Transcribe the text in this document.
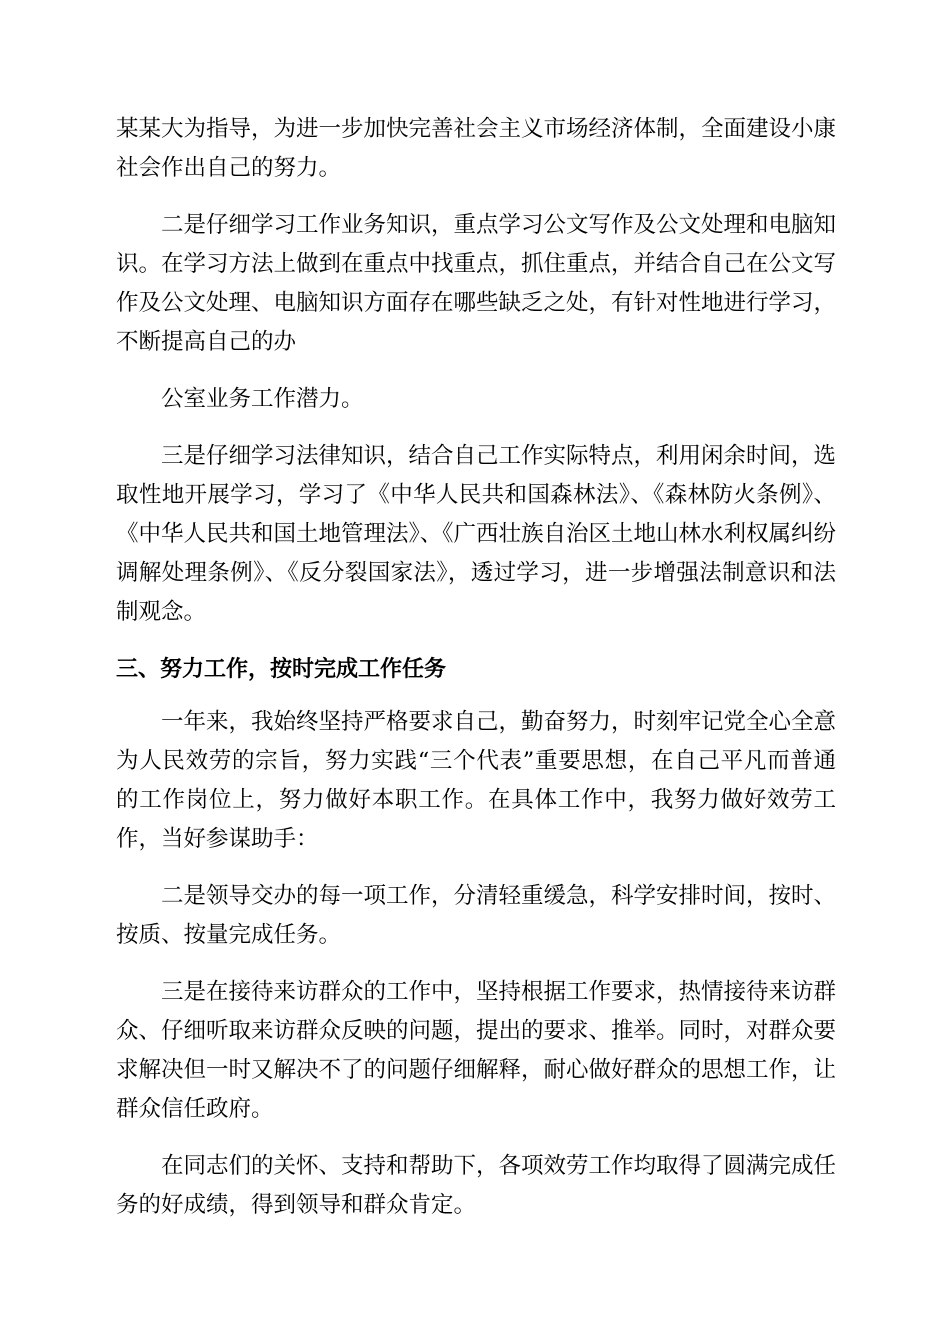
某某大为指导，为进一步加快完善社会主义市场经济体制，全面建设小康社会作出自己的努力。

二是仔细学习工作业务知识，重点学习公文写作及公文处理和电脑知识。在学习方法上做到在重点中找重点，抓住重点，并结合自己在公文写作及公文处理、电脑知识方面存在哪些缺乏之处，有针对性地进行学习，不断提高自己的办

公室业务工作潜力。

三是仔细学习法律知识，结合自己工作实际特点，利用闲余时间，选取性地开展学习，学习了《中华人民共和国森林法》、《森林防火条例》、《中华人民共和国土地管理法》、《广西壮族自治区土地山林水利权属纠纷调解处理条例》、《反分裂国家法》，透过学习，进一步增强法制意识和法制观念。

三、努力工作，按时完成工作任务

一年来，我始终坚持严格要求自己，勤奋努力，时刻牢记党全心全意为人民效劳的宗旨，努力实践“三个代表”重要思想，在自己平凡而普通的工作岗位上，努力做好本职工作。在具体工作中，我努力做好效劳工作，当好参谋助手：

二是领导交办的每一项工作，分清轻重缓急，科学安排时间，按时、按质、按量完成任务。

三是在接待来访群众的工作中，坚持根据工作要求，热情接待来访群众、仔细听取来访群众反映的问题，提出的要求、推举。同时，对群众要求解决但一时又解决不了的问题仔细解释，耐心做好群众的思想工作，让群众信任政府。

在同志们的关怀、支持和帮助下，各项效劳工作均取得了圆满完成任务的好成绩，得到领导和群众肯定。
